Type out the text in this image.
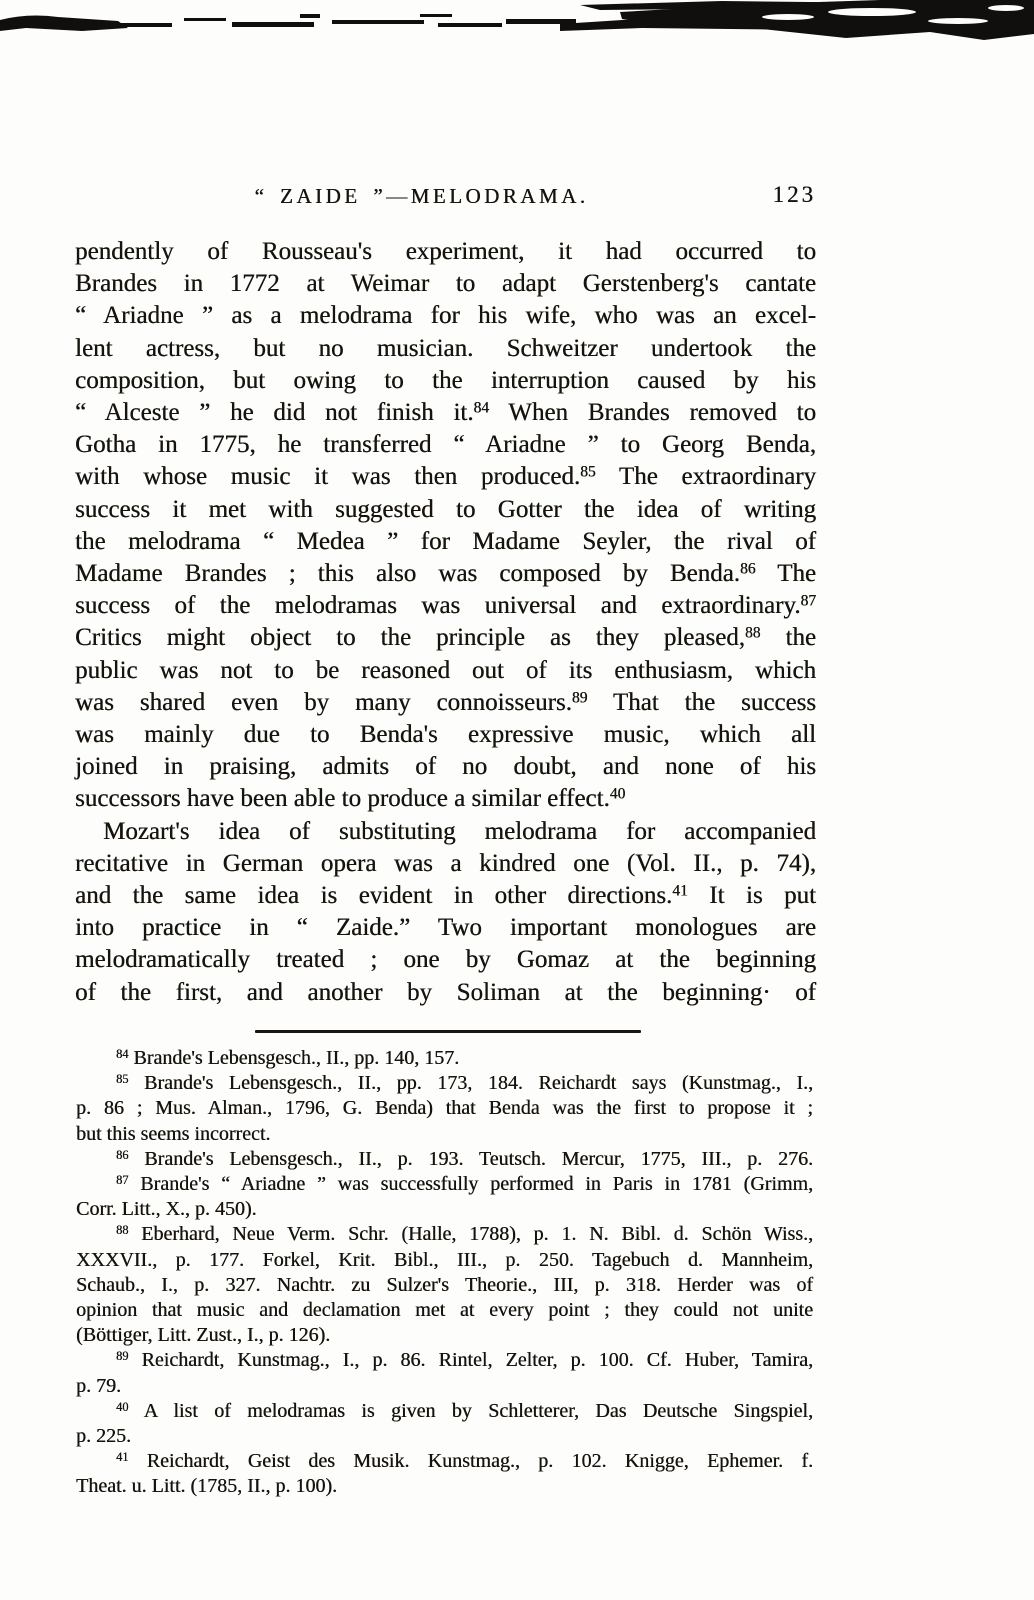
“ ZAIDE ”—MELODRAMA.	123
pendently of Rousseau's experiment, it had occurred to
Brandes in 1772 at Weimar to adapt Gerstenberg's cantate
“ Ariadne ” as a melodrama for his wife, who was an excel-
lent actress, but no musician. Schweitzer undertook the
composition, but owing to the interruption caused by his
“ Alceste ” he did not finish it.$^{84}$ When Brandes removed to
Gotha in 1775, he transferred “ Ariadne ” to Georg Benda,
with whose music it was then produced.$^{85}$ The extraordinary
success it met with suggested to Gotter the idea of writing
the melodrama “ Medea ” for Madame Seyler, the rival of
Madame Brandes ; this also was composed by Benda.$^{86}$ The
success of the melodramas was universal and extraordinary.$^{87}$
Critics might object to the principle as they pleased,$^{88}$ the
public was not to be reasoned out of its enthusiasm, which
was shared even by many connoisseurs.$^{89}$ That the success
was mainly due to Benda's expressive music, which all
joined in praising, admits of no doubt, and none of his
successors have been able to produce a similar effect.$^{40}$
Mozart's idea of substituting melodrama for accompanied
recitative in German opera was a kindred one (Vol. II., p. 74),
and the same idea is evident in other directions.$^{41}$ It is put
into practice in “ Zaide.” Two important monologues are
melodramatically treated ; one by Gomaz at the beginning
of the first, and another by Soliman at the beginning· of
$^{84}$ Brande's Lebensgesch., II., pp. 140, 157.
$^{85}$ Brande's Lebensgesch., II., pp. 173, 184. Reichardt says (Kunstmag., I.,
p. 86 ; Mus. Alman., 1796, G. Benda) that Benda was the first to propose it ;
but this seems incorrect.
$^{86}$ Brande's Lebensgesch., II., p. 193. Teutsch. Mercur, 1775, III., p. 276.
$^{87}$ Brande's “ Ariadne ” was successfully performed in Paris in 1781 (Grimm,
Corr. Litt., X., p. 450).
$^{88}$ Eberhard, Neue Verm. Schr. (Halle, 1788), p. 1. N. Bibl. d. Schön Wiss.,
XXXVII., p. 177. Forkel, Krit. Bibl., III., p. 250. Tagebuch d. Mannheim,
Schaub., I., p. 327. Nachtr. zu Sulzer's Theorie., III, p. 318. Herder was of
opinion that music and declamation met at every point ; they could not unite
(Böttiger, Litt. Zust., I., p. 126).
$^{89}$ Reichardt, Kunstmag., I., p. 86. Rintel, Zelter, p. 100. Cf. Huber, Tamira,
p. 79.
$^{40}$ A list of melodramas is given by Schletterer, Das Deutsche Singspiel,
p. 225.
$^{41}$ Reichardt, Geist des Musik. Kunstmag., p. 102. Knigge, Ephemer. f.
Theat. u. Litt. (1785, II., p. 100).
